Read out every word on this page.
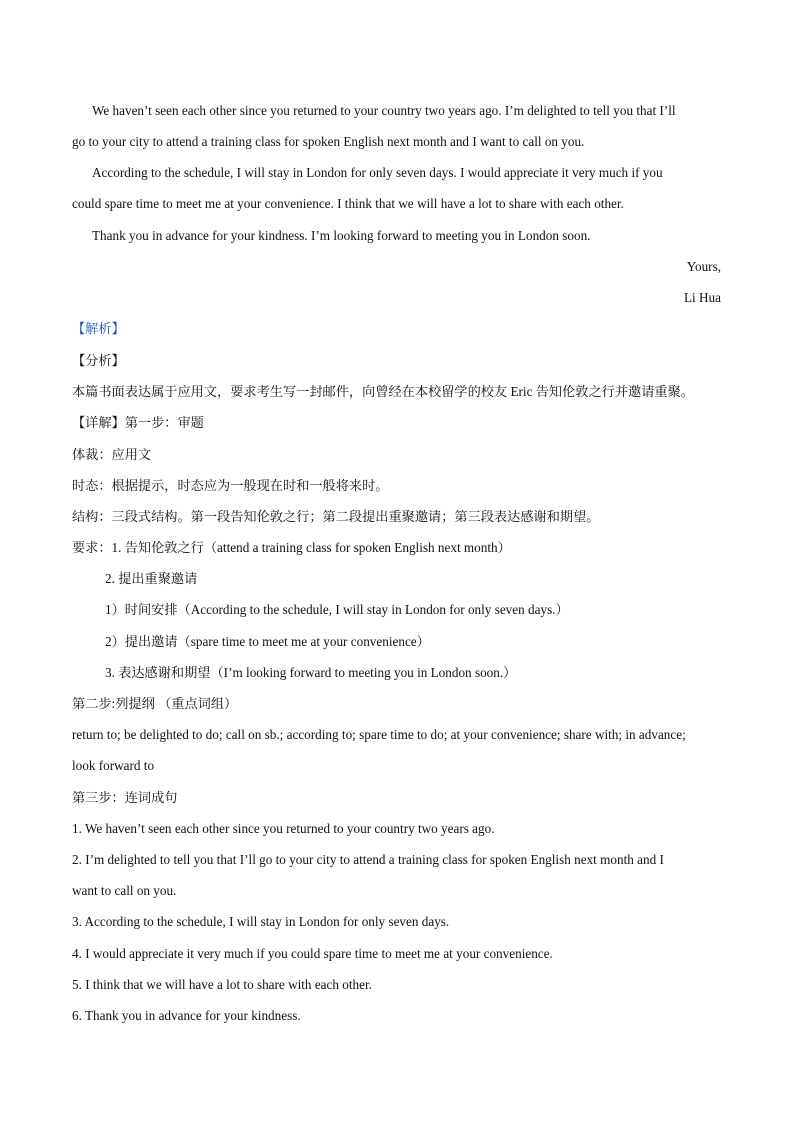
We haven’t seen each other since you returned to your country two years ago. I’m delighted to tell you that I’ll
go to your city to attend a training class for spoken English next month and I want to call on you.
According to the schedule, I will stay in London for only seven days. I would appreciate it very much if you
could spare time to meet me at your convenience. I think that we will have a lot to share with each other.
Thank you in advance for your kindness. I’m looking forward to meeting you in London soon.
Yours,
Li Hua
【解析】
【分析】
本篇书面表达属于应用文，要求考生写一封邮件，向曾经在本校留学的校友 Eric 告知伦敦之行并邀请重聚。
【详解】第一步：审题
体裁：应用文
时态：根据提示，时态应为一般现在时和一般将来时。
结构：三段式结构。第一段告知伦敦之行；第二段提出重聚邀请；第三段表达感谢和期望。
要求：1. 告知伦敦之行（attend a training class for spoken English next month）
2. 提出重聚邀请
1）时间安排（According to the schedule, I will stay in London for only seven days.）
2）提出邀请（spare time to meet me at your convenience）
3. 表达感谢和期望（I’m looking forward to meeting you in London soon.）
第二步:列提纲 （重点词组）
return to; be delighted to do; call on sb.; according to; spare time to do; at your convenience; share with; in advance;
look forward to
第三步：连词成句
1. We haven’t seen each other since you returned to your country two years ago.
2. I’m delighted to tell you that I’ll go to your city to attend a training class for spoken English next month and I
want to call on you.
3. According to the schedule, I will stay in London for only seven days.
4. I would appreciate it very much if you could spare time to meet me at your convenience.
5. I think that we will have a lot to share with each other.
6. Thank you in advance for your kindness.
